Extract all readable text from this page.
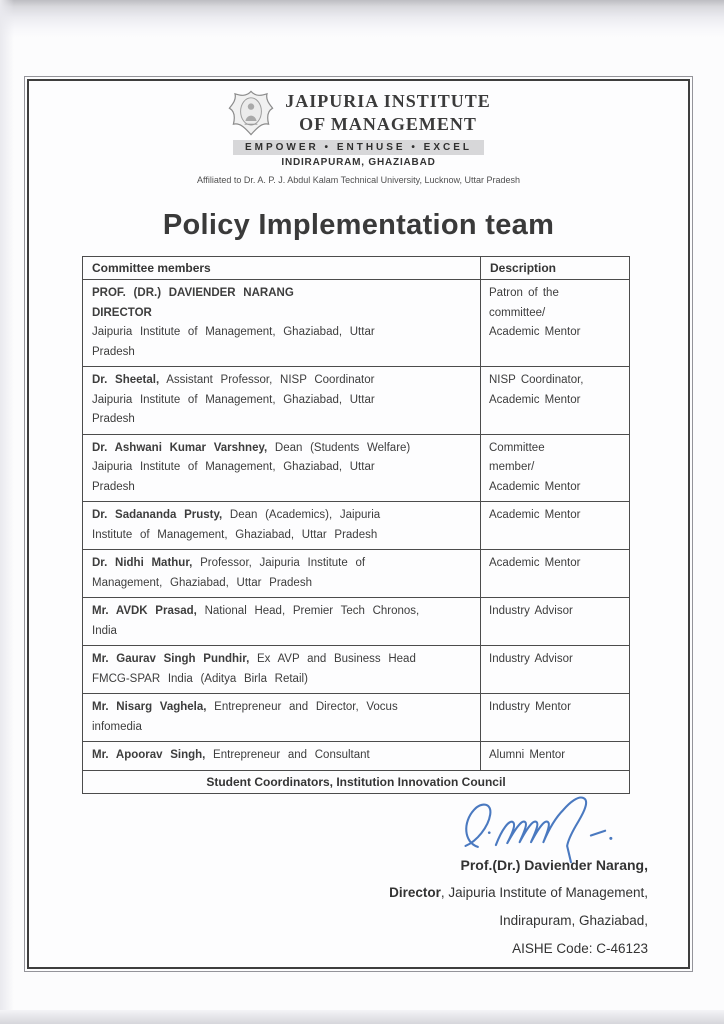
JAIPURIA INSTITUTE
OF MANAGEMENT
EMPOWER • ENTHUSE • EXCEL
INDIRAPURAM, GHAZIABAD
Affiliated to Dr. A. P. J. Abdul Kalam Technical University, Lucknow, Uttar Pradesh
Policy Implementation team
Committee members	Description
PROF. (DR.) DAVIENDER NARANG
DIRECTOR
Jaipuria Institute of Management, Ghaziabad, Uttar
Pradesh	Patron of the
committee/
Academic Mentor
Dr. Sheetal, Assistant Professor, NISP Coordinator
Jaipuria Institute of Management, Ghaziabad, Uttar
Pradesh	NISP Coordinator,
Academic Mentor
Dr. Ashwani Kumar Varshney, Dean (Students Welfare)
Jaipuria Institute of Management, Ghaziabad, Uttar
Pradesh	Committee
member/
Academic Mentor
Dr. Sadananda Prusty, Dean (Academics), Jaipuria
Institute of Management, Ghaziabad, Uttar Pradesh	Academic Mentor
Dr. Nidhi Mathur, Professor, Jaipuria Institute of
Management, Ghaziabad, Uttar Pradesh	Academic Mentor
Mr. AVDK Prasad, National Head, Premier Tech Chronos,
India	Industry Advisor
Mr. Gaurav Singh Pundhir, Ex AVP and Business Head
FMCG-SPAR India (Aditya Birla Retail)	Industry Advisor
Mr. Nisarg Vaghela, Entrepreneur and Director, Vocus
infomedia	Industry Mentor
Mr. Apoorav Singh, Entrepreneur and Consultant	Alumni Mentor
Student Coordinators, Institution Innovation Council	
Prof.(Dr.) Daviender Narang,
Director, Jaipuria Institute of Management,
Indirapuram, Ghaziabad,
AISHE Code: C-46123
